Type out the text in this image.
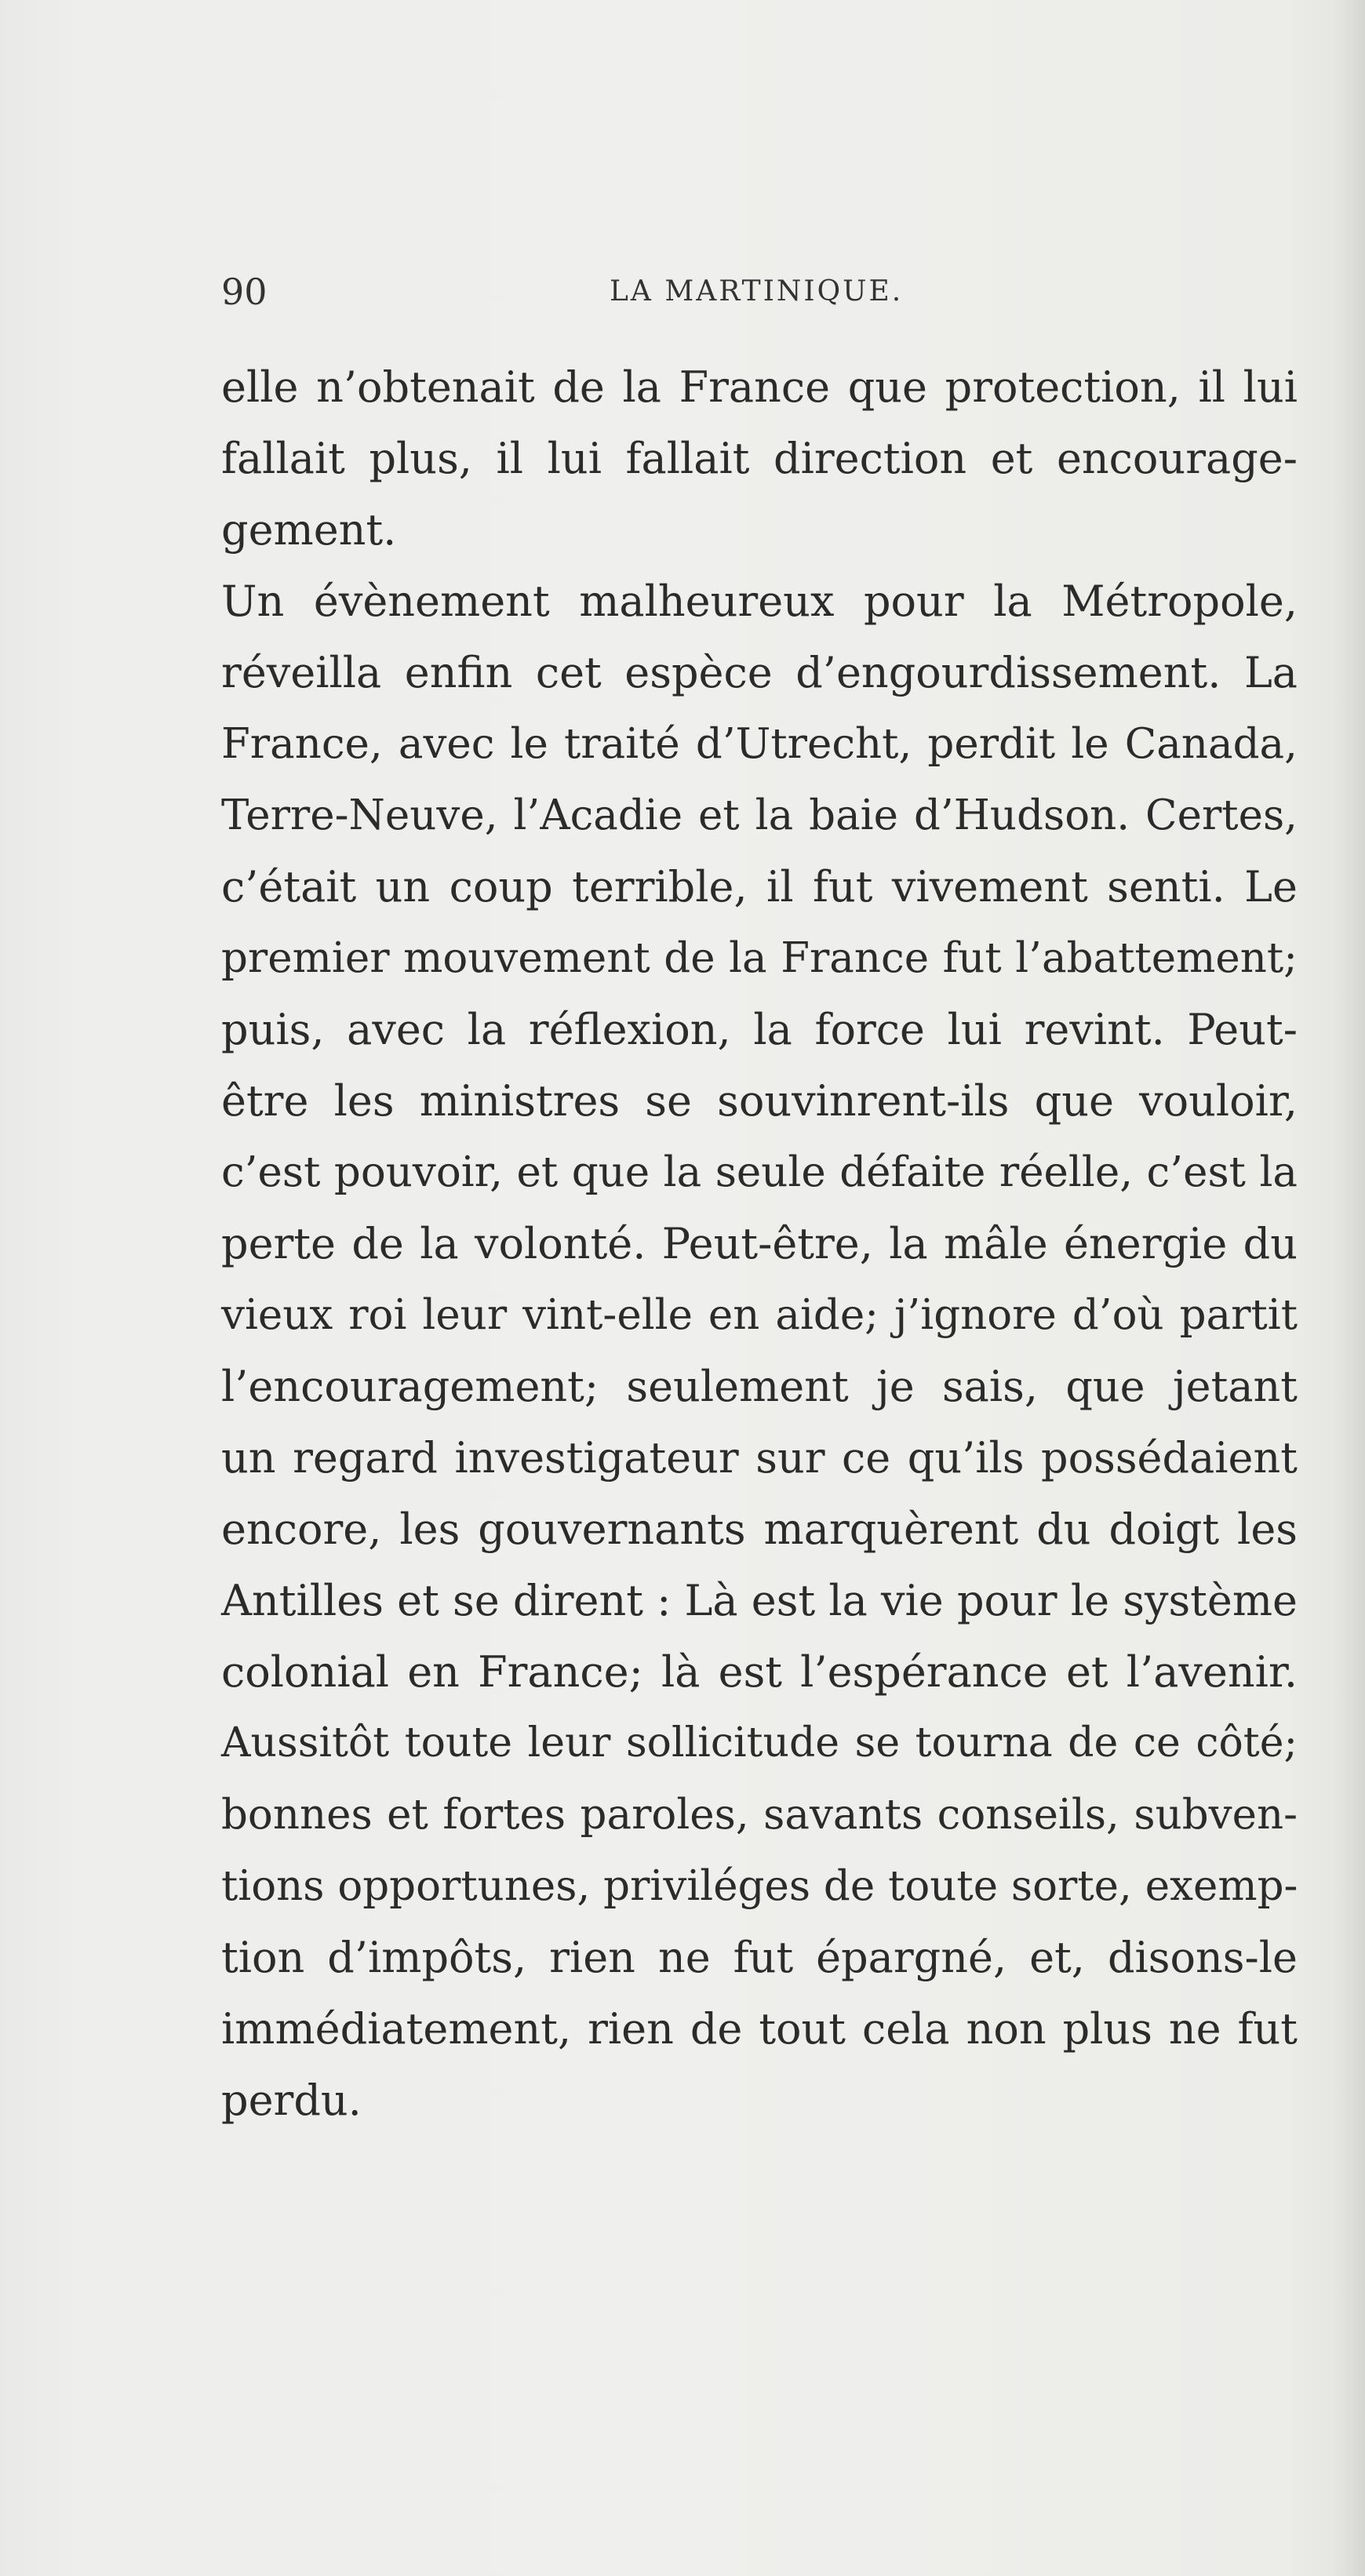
90	LA MARTINIQUE.
elle n’obtenait de la France que protection, il lui
fallait plus, il lui fallait direction et encourage-
gement.
Un évènement malheureux pour la Métropole,
réveilla enfin cet espèce d’engourdissement. La
France, avec le traité d’Utrecht, perdit le Canada,
Terre-Neuve, l’Acadie et la baie d’Hudson. Certes,
c’était un coup terrible, il fut vivement senti. Le
premier mouvement de la France fut l’abattement;
puis, avec la réflexion, la force lui revint. Peut-
être les ministres se souvinrent-ils que vouloir,
c’est pouvoir, et que la seule défaite réelle, c’est la
perte de la volonté. Peut-être, la mâle énergie du
vieux roi leur vint-elle en aide; j’ignore d’où partit
l’encouragement; seulement je sais, que jetant
un regard investigateur sur ce qu’ils possédaient
encore, les gouvernants marquèrent du doigt les
Antilles et se dirent : Là est la vie pour le système
colonial en France; là est l’espérance et l’avenir.
Aussitôt toute leur sollicitude se tourna de ce côté;
bonnes et fortes paroles, savants conseils, subven-
tions opportunes, priviléges de toute sorte, exemp-
tion d’impôts, rien ne fut épargné, et, disons-le
immédiatement, rien de tout cela non plus ne fut
perdu.
